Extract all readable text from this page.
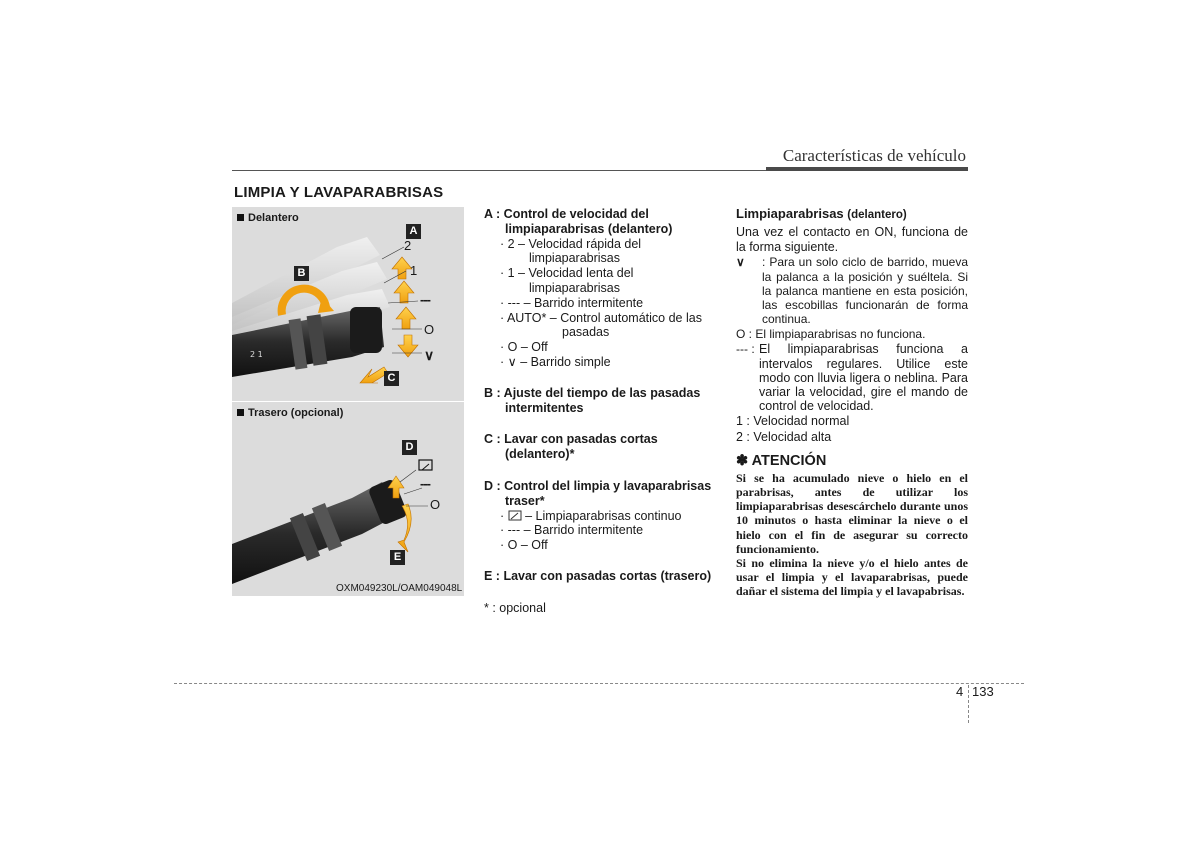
Características de vehículo
LIMPIA Y LAVAPARABRISAS
Delantero
2 1
A
B
C
2
1
---
O
∨
Trasero (opcional)
D
E
---
O
OXM049230L/OAM049048L

A : Control de velocidad del

limpiaparabrisas (delantero)

· 2 – Velocidad rápida del

limpiaparabrisas

· 1 – Velocidad lenta del

limpiaparabrisas

· --- – Barrido intermitente

· AUTO* – Control automático de las

pasadas

· O – Off

· ∨ – Barrido simple

B : Ajuste del tiempo de las pasadas

intermitentes

C : Lavar con pasadas cortas

(delantero)*

D : Control del limpia y lavaparabrisas

traser*

·  – Limpiaparabrisas continuo

· --- – Barrido intermitente

· O – Off

E : Lavar con pasadas cortas (trasero)

* : opcional

Limpiaparabrisas (delantero)

Una vez el contacto en ON, funciona de la forma siguiente.

∨	: Para un solo ciclo de barrido, mueva la palanca a la posición y suéltela. Si la palanca mantiene en esta posición, las escobillas funcionarán de forma continua.

O : El limpiaparabrisas no funciona.

--- : El limpiaparabrisas funciona a intervalos regulares. Utilice este modo con lluvia ligera o neblina. Para variar la velocidad, gire el mando de control de velocidad.

1 : Velocidad normal

2 : Velocidad alta

✽ ATENCIÓN
Si se ha acumulado nieve o hielo en el parabrisas, antes de utilizar los limpiaparabrisas desescárchelo durante unos 10 minutos o hasta eliminar la nieve o el hielo con el fin de asegurar su correcto funcionamiento.
Si no elimina la nieve y/o el hielo antes de usar el limpia y el lavaparabrisas, puede dañar el sistema del limpia y el lavapabrisas.
4 133
